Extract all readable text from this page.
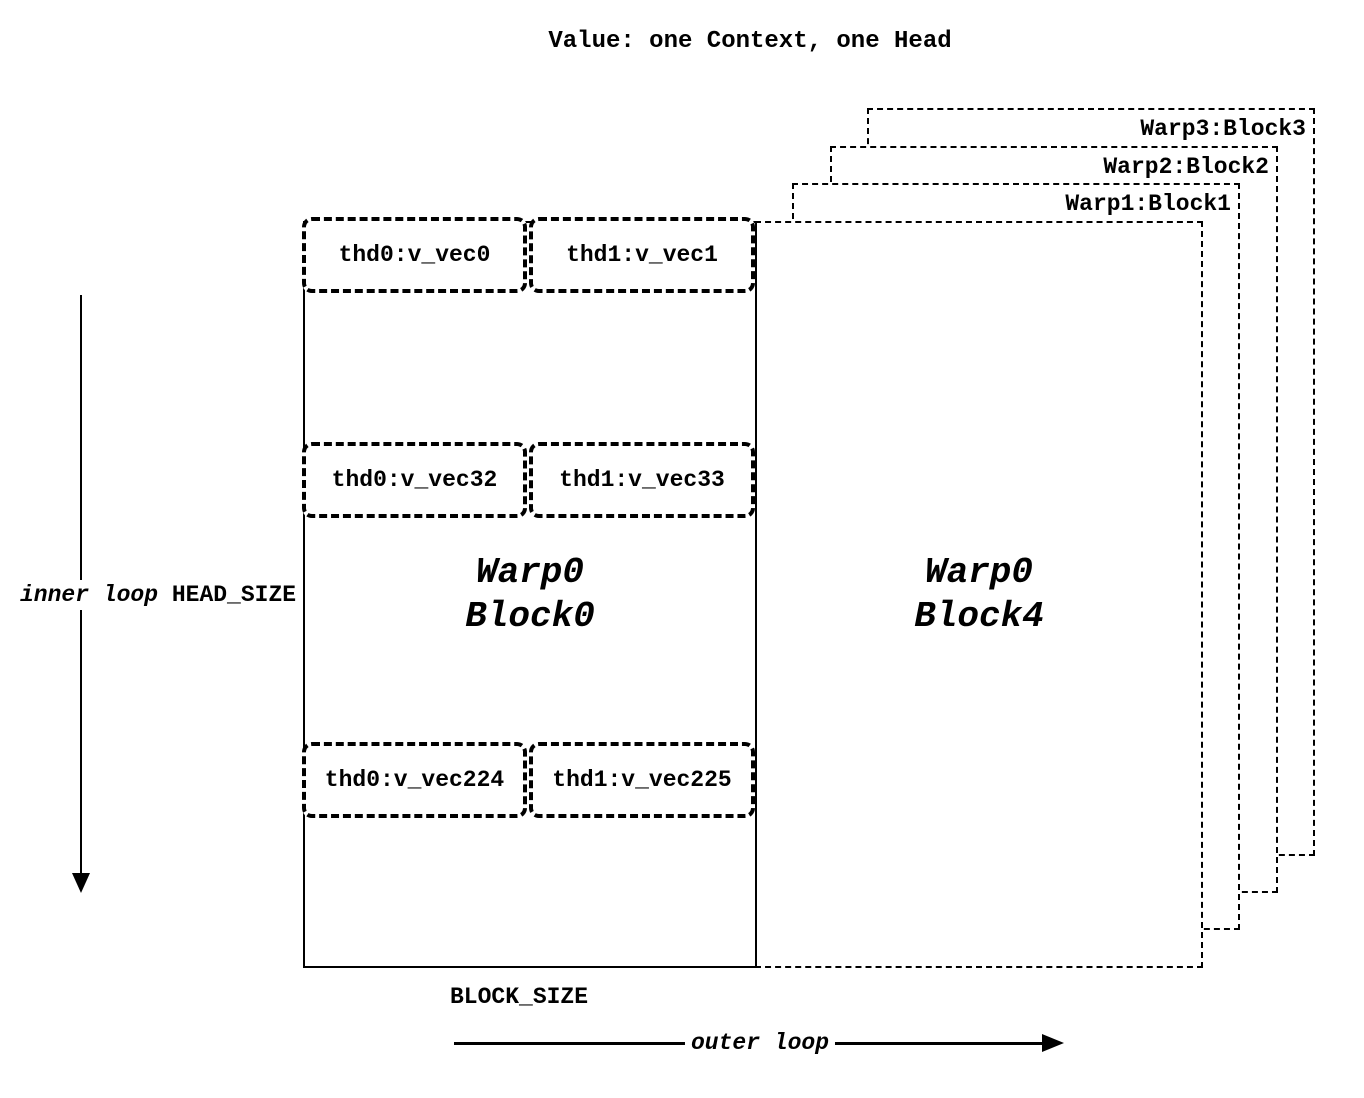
Value: one Context, one Head
Warp3:Block3
Warp2:Block2
Warp1:Block1
Warp0
Block4
Warp0
Block0
thd0:v_vec0	thd1:v_vec1
thd0:v_vec32	thd1:v_vec33
thd0:v_vec224 thd1:v_vec225
inner loop HEAD_SIZE
BLOCK_SIZE
outer loop
